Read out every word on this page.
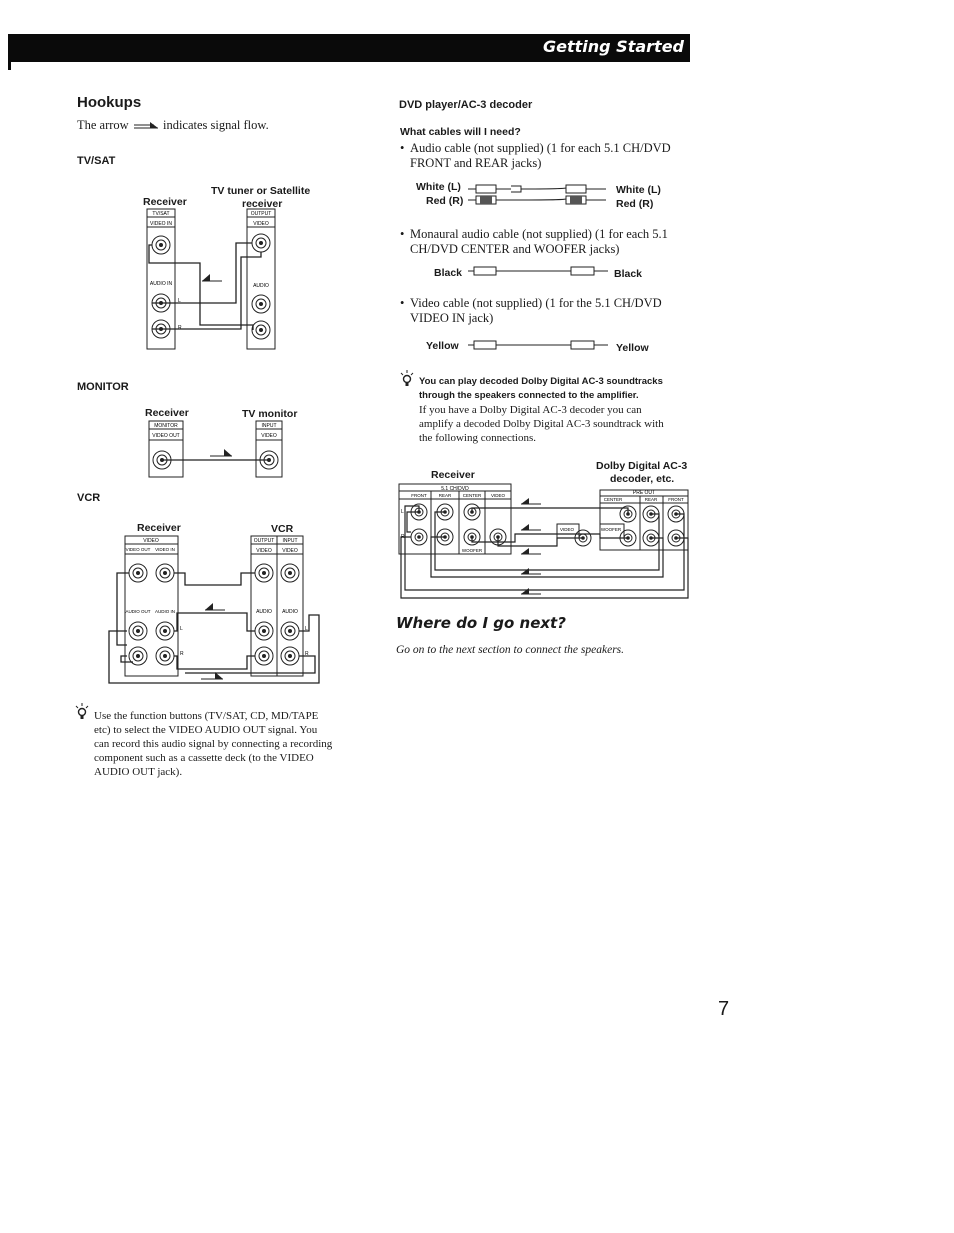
Getting Started
Hookups
The arrow	indicates signal flow.
TV/SAT
Receiver
TV tuner or Satellite
receiver
TV/SAT
VIDEO IN
AUDIO IN
OUTPUT
VIDEO
AUDIO
L
R
MONITOR
Receiver	TV monitor
MONITOR
VIDEO OUT
INPUT
VIDEO
VCR
Receiver	VCR
VIDEO
VIDEO OUT VIDEO IN
AUDIO OUT AUDIO IN
OUTPUT INPUT
VIDEO VIDEO
AUDIO AUDIO
L
R
L
R
Use the function buttons (TV/SAT, CD, MD/TAPE
etc) to select the VIDEO AUDIO OUT signal. You
can record this audio signal by connecting a recording
component such as a cassette deck (to the VIDEO
AUDIO OUT jack).
DVD player/AC-3 decoder
What cables will I need?
• Audio cable (not supplied) (1 for each 5.1 CH/DVD
FRONT and REAR jacks)
White (L)
Red (R)
White (L)
Red (R)
• Monaural audio cable (not supplied) (1 for each 5.1
CH/DVD CENTER and WOOFER jacks)
Black	Black
• Video cable (not supplied) (1 for the 5.1 CH/DVD
VIDEO IN jack)
Yellow	Yellow
You can play decoded Dolby Digital AC-3 soundtracks
through the speakers connected to the amplifier.
If you have a Dolby Digital AC-3 decoder you can
amplify a decoded Dolby Digital AC-3 soundtrack with
the following connections.
Receiver
Dolby Digital AC-3
decoder, etc.
5.1 CH/DVD
FRONT	REAR	CENTER VIDEO
WOOFER
L
R
PRE OUT
CENTER	REAR FRONT
VIDEO	WOOFER
Where do I go next?
Go on to the next section to connect the speakers.
7
